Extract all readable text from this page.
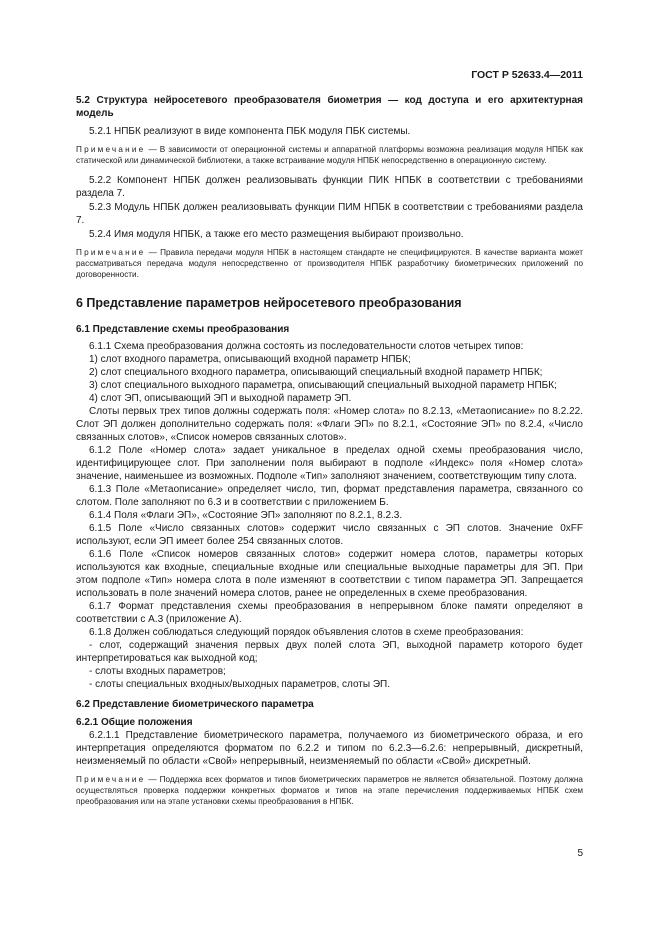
ГОСТ Р 52633.4—2011

5.2 Структура нейросетевого преобразователя биометрия — код доступа и его архитектурная модель

5.2.1 НПБК реализуют в виде компонента ПБК модуля ПБК системы.

Примечание — В зависимости от операционной системы и аппаратной платформы возможна реализация модуля НПБК как статической или динамической библиотеки, а также встраивание модуля НПБК непосредственно в операционную систему.

5.2.2 Компонент НПБК должен реализовывать функции ПИК НПБК в соответствии с требованиями раздела 7.

5.2.3 Модуль НПБК должен реализовывать функции ПИМ НПБК в соответствии с требованиями раздела 7.

5.2.4 Имя модуля НПБК, а также его место размещения выбирают произвольно.

Примечание — Правила передачи модуля НПБК в настоящем стандарте не специфицируются. В качестве варианта может рассматриваться передача модуля непосредственно от производителя НПБК разработчику биометрических приложений по договоренности.

6 Представление параметров нейросетевого преобразования

6.1 Представление схемы преобразования

6.1.1 Схема преобразования должна состоять из последовательности слотов четырех типов:

1) слот входного параметра, описывающий входной параметр НПБК;

2) слот специального входного параметра, описывающий специальный входной параметр НПБК;

3) слот специального выходного параметра, описывающий специальный выходной параметр НПБК;

4) слот ЭП, описывающий ЭП и выходной параметр ЭП.

Слоты первых трех типов должны содержать поля: «Номер слота» по 8.2.13, «Метаописание» по 8.2.22. Слот ЭП должен дополнительно содержать поля: «Флаги ЭП» по 8.2.1, «Состояние ЭП» по 8.2.4, «Число связанных слотов», «Список номеров связанных слотов».

6.1.2 Поле «Номер слота» задает уникальное в пределах одной схемы преобразования число, идентифицирующее слот. При заполнении поля выбирают в подполе «Индекс» поля «Номер слота» значение, наименьшее из возможных. Подполе «Тип» заполняют значением, соответствующим типу слота.

6.1.3 Поле «Метаописание» определяет число, тип, формат представления параметра, связанного со слотом. Поле заполняют по 6.3 и в соответствии с приложением Б.

6.1.4 Поля «Флаги ЭП», «Состояние ЭП» заполняют по 8.2.1, 8.2.3.

6.1.5 Поле «Число связанных слотов» содержит число связанных с ЭП слотов. Значение 0xFF используют, если ЭП имеет более 254 связанных слотов.

6.1.6 Поле «Список номеров связанных слотов» содержит номера слотов, параметры которых используются как входные, специальные входные или специальные выходные параметры для ЭП. При этом подполе «Тип» номера слота в поле изменяют в соответствии с типом параметра ЭП. Запрещается использовать в поле значений номера слотов, ранее не определенных в схеме преобразования.

6.1.7 Формат представления схемы преобразования в непрерывном блоке памяти определяют в соответствии с А.3 (приложение А).

6.1.8 Должен соблюдаться следующий порядок объявления слотов в схеме преобразования:

- слот, содержащий значения первых двух полей слота ЭП, выходной параметр которого будет интерпретироваться как выходной код;

- слоты входных параметров;

- слоты специальных входных/выходных параметров, слоты ЭП.

6.2 Представление биометрического параметра

6.2.1 Общие положения

6.2.1.1 Представление биометрического параметра, получаемого из биометрического образа, и его интерпретация определяются форматом по 6.2.2 и типом по 6.2.3—6.2.6: непрерывный, дискретный, неизменяемый по области «Свой» непрерывный, неизменяемый по области «Свой» дискретный.

Примечание — Поддержка всех форматов и типов биометрических параметров не является обязательной. Поэтому должна осуществляться проверка поддержки конкретных форматов и типов на этапе перечисления поддерживаемых НПБК схем преобразования или на этапе установки схемы преобразования в НПБК.

5
